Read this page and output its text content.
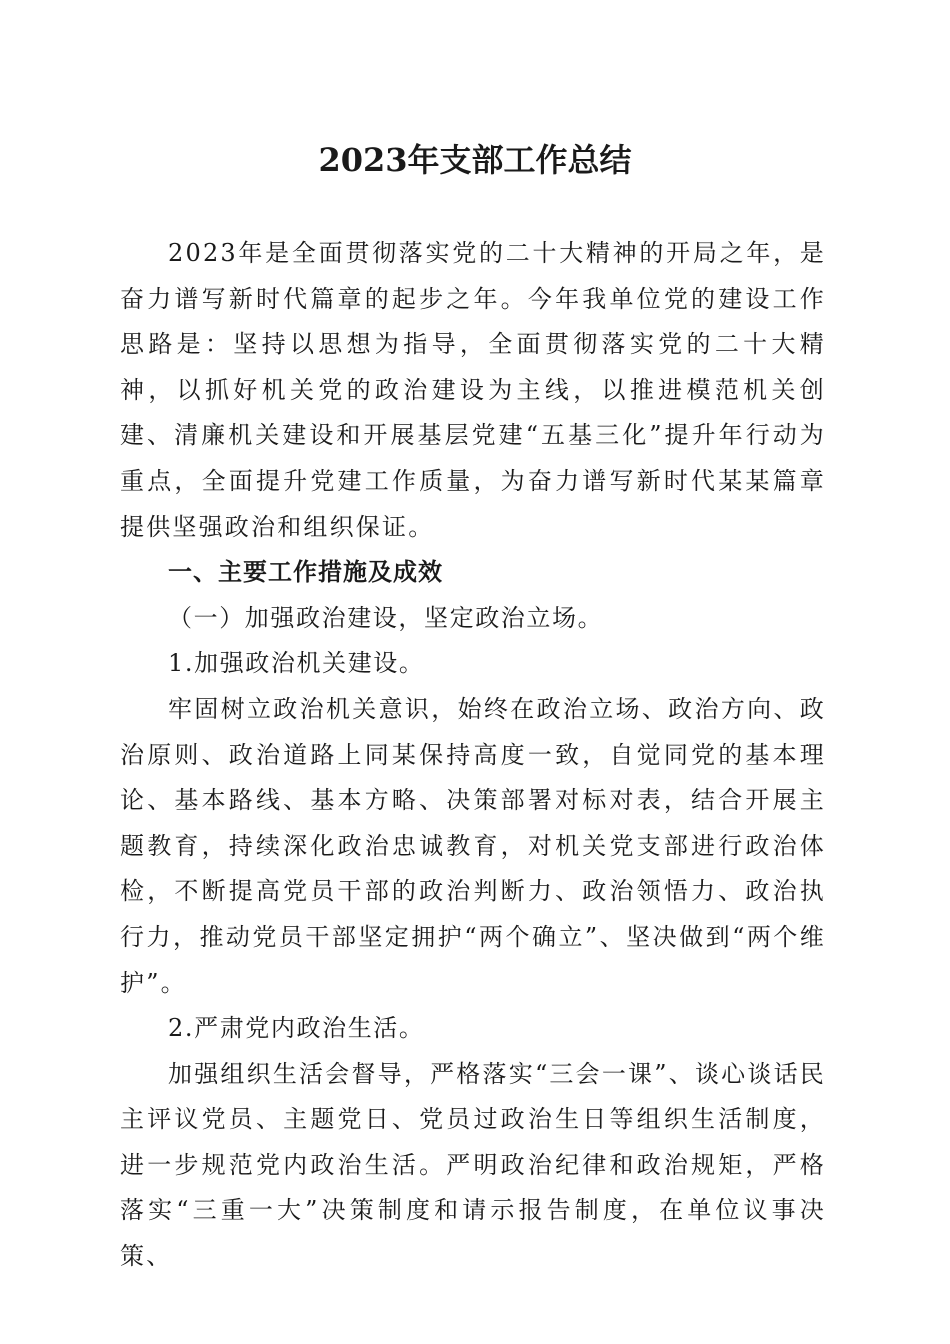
2023年支部工作总结

2023年是全面贯彻落实党的二十大精神的开局之年，是奋力谱写新时代篇章的起步之年。今年我单位党的建设工作思路是：坚持以思想为指导，全面贯彻落实党的二十大精神，以抓好机关党的政治建设为主线，以推进模范机关创建、清廉机关建设和开展基层党建“五基三化”提升年行动为重点，全面提升党建工作质量，为奋力谱写新时代某某篇章提供坚强政治和组织保证。

一、主要工作措施及成效

（一）加强政治建设，坚定政治立场。

1.加强政治机关建设。

牢固树立政治机关意识，始终在政治立场、政治方向、政治原则、政治道路上同某保持高度一致，自觉同党的基本理论、基本路线、基本方略、决策部署对标对表，结合开展主题教育，持续深化政治忠诚教育，对机关党支部进行政治体检，不断提高党员干部的政治判断力、政治领悟力、政治执行力，推动党员干部坚定拥护“两个确立”、坚决做到“两个维护”。

2.严肃党内政治生活。

加强组织生活会督导，严格落实“三会一课”、谈心谈话民主评议党员、主题党日、党员过政治生日等组织生活制度，进一步规范党内政治生活。严明政治纪律和政治规矩，严格落实“三重一大”决策制度和请示报告制度，在单位议事决策、
